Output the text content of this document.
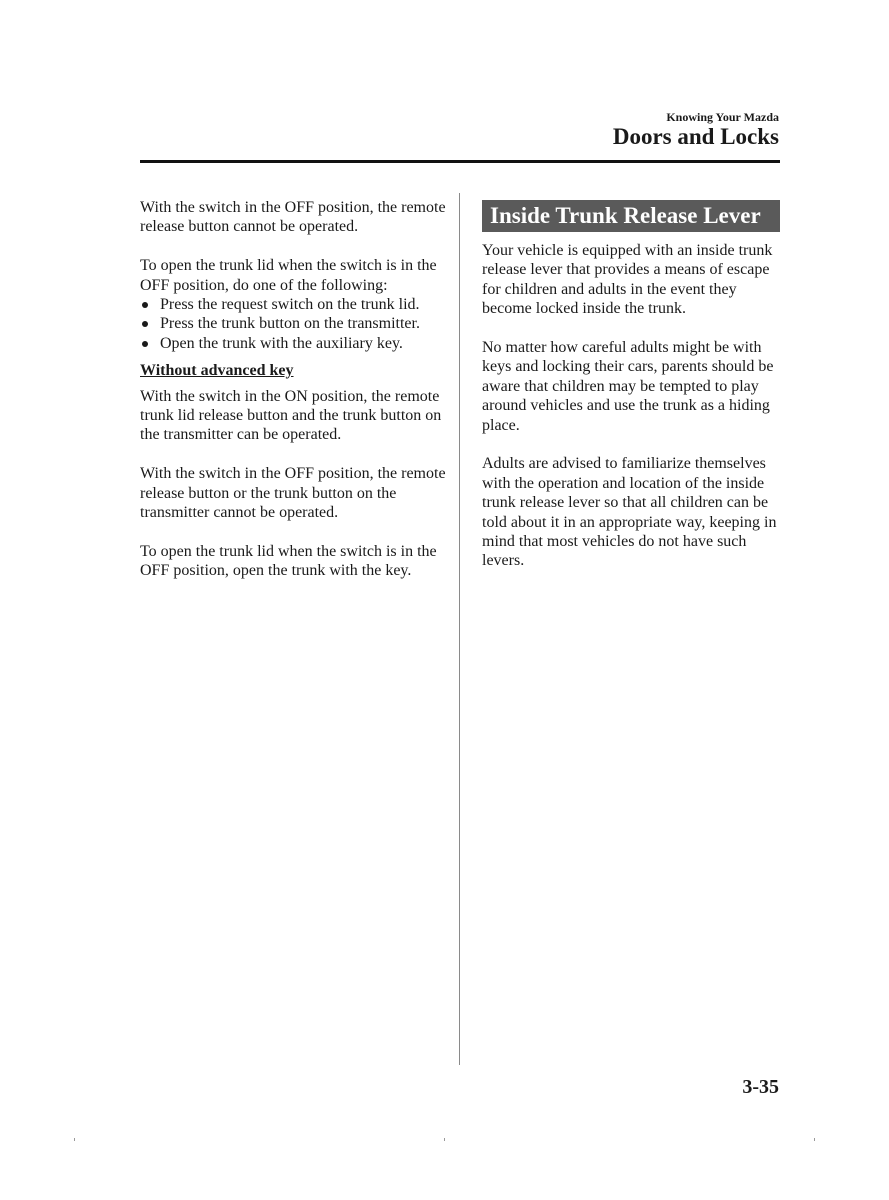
Knowing Your Mazda
Doors and Locks

With the switch in the OFF position, the remote release button cannot be operated.

To open the trunk lid when the switch is in the OFF position, do one of the following:

Press the request switch on the trunk lid.
Press the trunk button on the transmitter.
Open the trunk with the auxiliary key.
Without advanced key

With the switch in the ON position, the remote trunk lid release button and the trunk button on the transmitter can be operated.

With the switch in the OFF position, the remote release button or the trunk button on the transmitter cannot be operated.

To open the trunk lid when the switch is in the OFF position, open the trunk with the key.

Inside Trunk Release Lever

Your vehicle is equipped with an inside trunk release lever that provides a means of escape for children and adults in the event they become locked inside the trunk.

No matter how careful adults might be with keys and locking their cars, parents should be aware that children may be tempted to play around vehicles and use the trunk as a hiding place.

Adults are advised to familiarize themselves with the operation and location of the inside trunk release lever so that all children can be told about it in an appropriate way, keeping in mind that most vehicles do not have such levers.

3-35
